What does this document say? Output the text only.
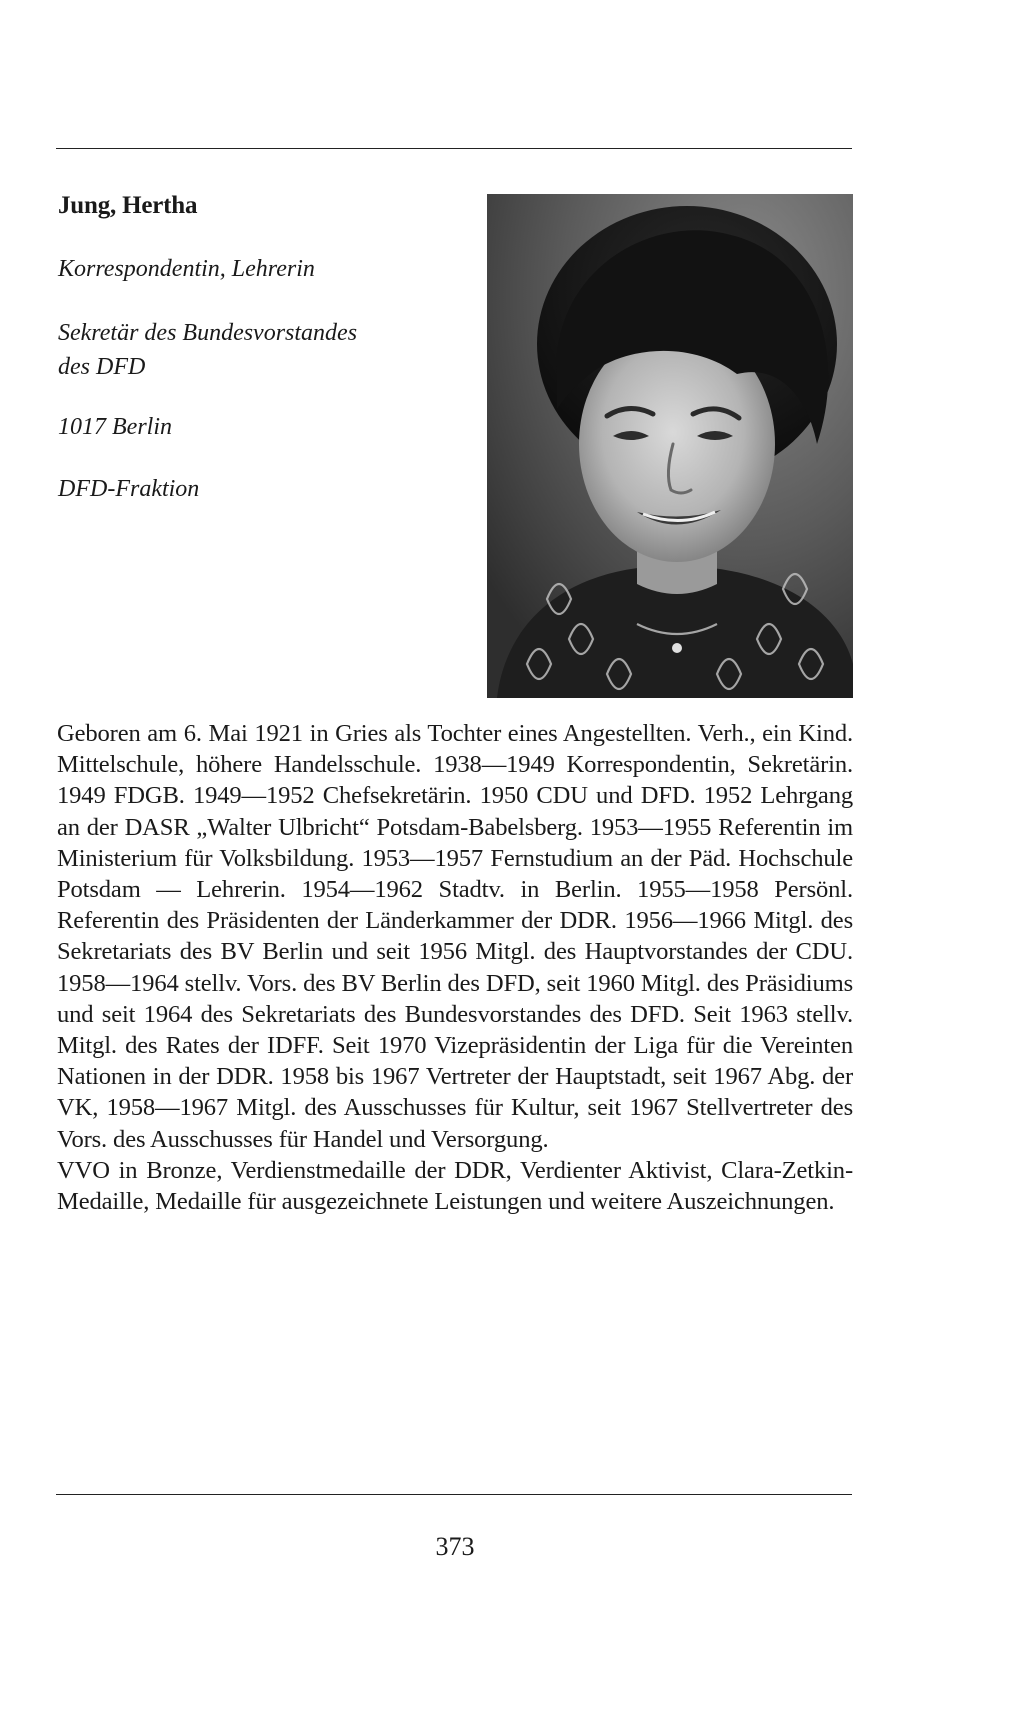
Jung, Hertha
Korrespondentin, Lehrerin
Sekretär des Bundesvorstandes
des DFD
1017 Berlin
DFD-Fraktion

Geboren am 6. Mai 1921 in Gries als Tochter eines Angestellten. Verh., ein Kind. Mittelschule, höhere Handelsschule. 1938—1949 Korrespondentin, Sekretärin. 1949 FDGB. 1949—1952 Chefsekretärin. 1950 CDU und DFD. 1952 Lehrgang an der DASR „Walter Ulbricht“ Potsdam-Babelsberg. 1953—1955 Referentin im Ministerium für Volksbildung. 1953—1957 Fernstudium an der Päd. Hochschule Potsdam — Lehrerin. 1954—1962 Stadtv. in Berlin. 1955—1958 Persönl. Referentin des Präsidenten der Länderkammer der DDR. 1956—1966 Mitgl. des Sekretariats des BV Berlin und seit 1956 Mitgl. des Hauptvorstandes der CDU. 1958—1964 stellv. Vors. des BV Berlin des DFD, seit 1960 Mitgl. des Präsidiums und seit 1964 des Sekretariats des Bundesvorstandes des DFD. Seit 1963 stellv. Mitgl. des Rates der IDFF. Seit 1970 Vizepräsidentin der Liga für die Vereinten Nationen in der DDR. 1958 bis 1967 Vertreter der Hauptstadt, seit 1967 Abg. der VK, 1958—1967 Mitgl. des Ausschusses für Kultur, seit 1967 Stellvertreter des Vors. des Ausschusses für Handel und Versorgung.

VVO in Bronze, Verdienstmedaille der DDR, Verdienter Aktivist, Clara-Zetkin-Medaille, Medaille für ausgezeichnete Leistungen und weitere Auszeichnungen.

373
